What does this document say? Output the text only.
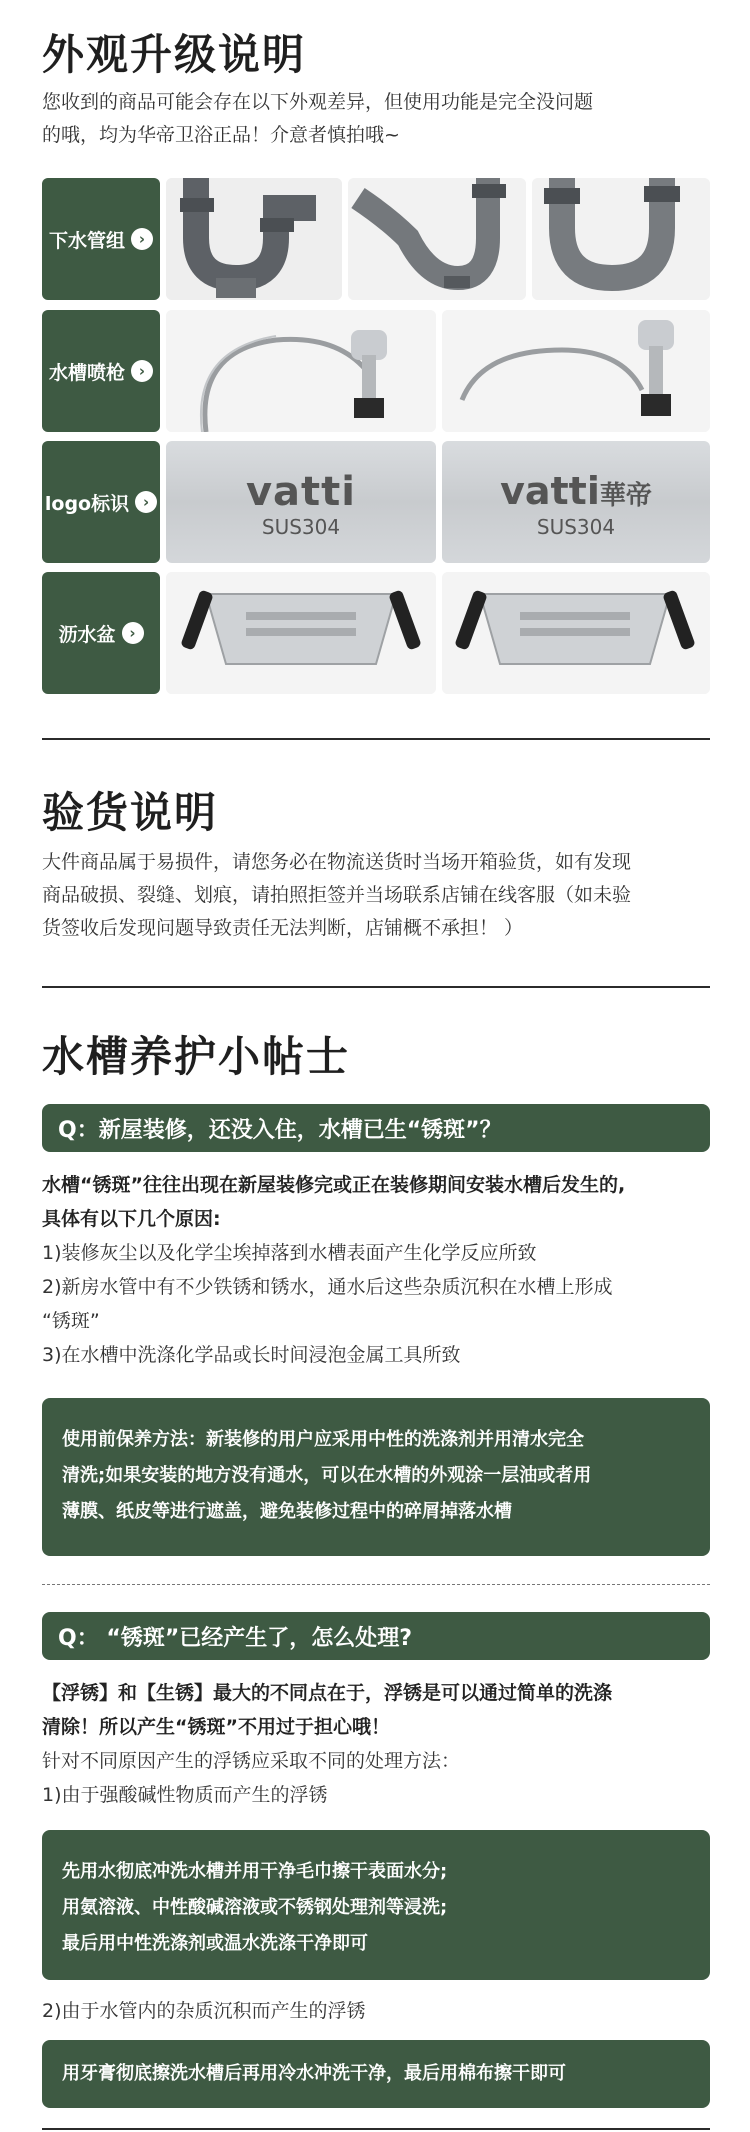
外观升级说明
您收到的商品可能会存在以下外观差异，但使用功能是完全没问题
的哦，均为华帝卫浴正品！介意者慎拍哦~
下水管组 ›
水槽喷枪 ›
logo标识 ›	vatti
SUS304
vatti華帝
SUS304
沥水盆 ›
验货说明
大件商品属于易损件，请您务必在物流送货时当场开箱验货，如有发现
商品破损、裂缝、划痕，请拍照拒签并当场联系店铺在线客服（如未验
货签收后发现问题导致责任无法判断，店铺概不承担！ ）
水槽养护小帖士
Q：新屋装修，还没入住，水槽已生“锈斑”？
水槽“锈斑”往往出现在新屋装修完或正在装修期间安装水槽后发生的,
具体有以下几个原因:
1)装修灰尘以及化学尘埃掉落到水槽表面产生化学反应所致
2)新房水管中有不少铁锈和锈水，通水后这些杂质沉积在水槽上形成
“锈斑”
3)在水槽中洗涤化学品或长时间浸泡金属工具所致
使用前保养方法：新装修的用户应采用中性的洗涤剂并用清水完全
清洗;如果安装的地方没有通水，可以在水槽的外观涂一层油或者用
薄膜、纸皮等进行遮盖，避免装修过程中的碎屑掉落水槽
Q： “锈斑”已经产生了，怎么处理?
【浮锈】和【生锈】最大的不同点在于，浮锈是可以通过简单的洗涤
清除！所以产生“锈斑”不用过于担心哦！
针对不同原因产生的浮锈应采取不同的处理方法：
1)由于强酸碱性物质而产生的浮锈
先用水彻底冲洗水槽并用干净毛巾擦干表面水分;
用氨溶液、中性酸碱溶液或不锈钢处理剂等浸洗;
最后用中性洗涤剂或温水洗涤干净即可
2)由于水管内的杂质沉积而产生的浮锈
用牙膏彻底擦洗水槽后再用冷水冲洗干净，最后用棉布擦干即可
